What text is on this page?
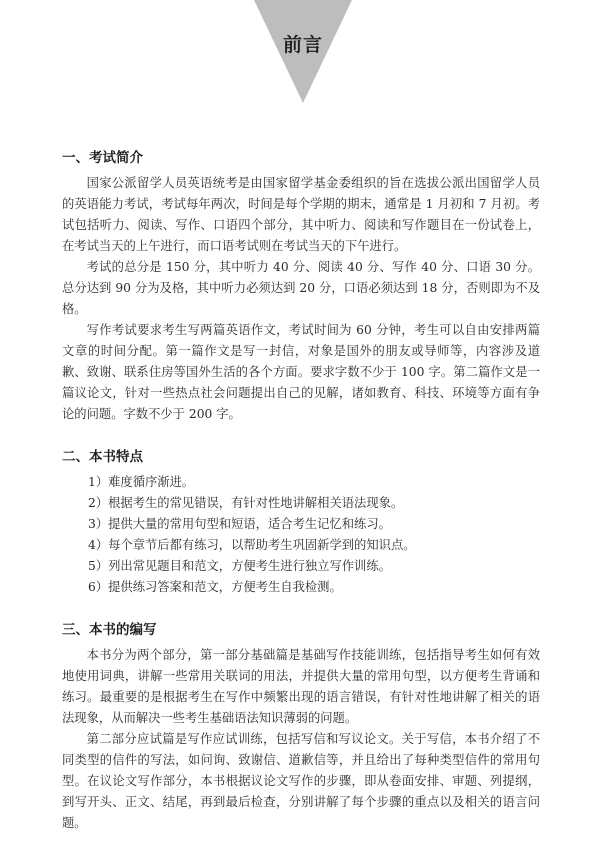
前言
一、考试简介

国家公派留学人员英语统考是由国家留学基金委组织的旨在选拔公派出国留学人员的英语能力考试，考试每年两次，时间是每个学期的期末，通常是 1 月初和 7 月初。考试包括听力、阅读、写作、口语四个部分，其中听力、阅读和写作题目在一份试卷上，在考试当天的上午进行，而口语考试则在考试当天的下午进行。

考试的总分是 150 分，其中听力 40 分、阅读 40 分、写作 40 分、口语 30 分。总分达到 90 分为及格，其中听力必须达到 20 分，口语必须达到 18 分，否则即为不及格。

写作考试要求考生写两篇英语作文，考试时间为 60 分钟，考生可以自由安排两篇文章的时间分配。第一篇作文是写一封信，对象是国外的朋友或导师等，内容涉及道歉、致谢、联系住房等国外生活的各个方面。要求字数不少于 100 字。第二篇作文是一篇议论文，针对一些热点社会问题提出自己的见解，诸如教育、科技、环境等方面有争论的问题。字数不少于 200 字。

二、本书特点
1）难度循序渐进。
2）根据考生的常见错误，有针对性地讲解相关语法现象。
3）提供大量的常用句型和短语，适合考生记忆和练习。
4）每个章节后都有练习，以帮助考生巩固新学到的知识点。
5）列出常见题目和范文，方便考生进行独立写作训练。
6）提供练习答案和范文，方便考生自我检测。
三、本书的编写

本书分为两个部分，第一部分基础篇是基础写作技能训练，包括指导考生如何有效地使用词典，讲解一些常用关联词的用法，并提供大量的常用句型，以方便考生背诵和练习。最重要的是根据考生在写作中频繁出现的语言错误，有针对性地讲解了相关的语法现象，从而解决一些考生基础语法知识薄弱的问题。

第二部分应试篇是写作应试训练，包括写信和写议论文。关于写信，本书介绍了不同类型的信件的写法，如问询、致谢信、道歉信等，并且给出了每种类型信件的常用句型。在议论文写作部分，本书根据议论文写作的步骤，即从卷面安排、审题、列提纲，到写开头、正文、结尾，再到最后检查，分别讲解了每个步骤的重点以及相关的语言问题。
